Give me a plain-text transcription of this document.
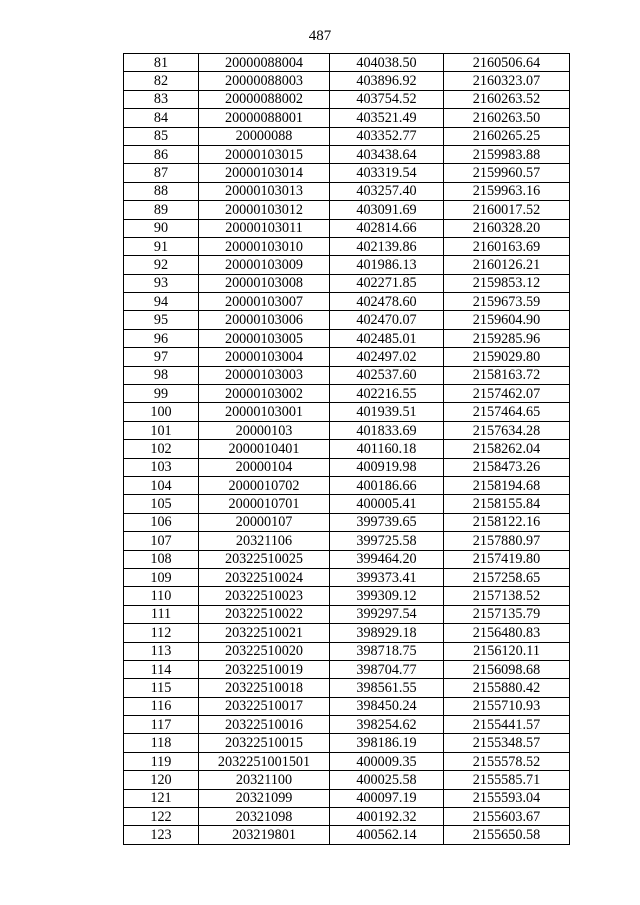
487
81	20000088004	404038.50	2160506.64
82	20000088003	403896.92	2160323.07
83	20000088002	403754.52	2160263.52
84	20000088001	403521.49	2160263.50
85	20000088	403352.77	2160265.25
86	20000103015	403438.64	2159983.88
87	20000103014	403319.54	2159960.57
88	20000103013	403257.40	2159963.16
89	20000103012	403091.69	2160017.52
90	20000103011	402814.66	2160328.20
91	20000103010	402139.86	2160163.69
92	20000103009	401986.13	2160126.21
93	20000103008	402271.85	2159853.12
94	20000103007	402478.60	2159673.59
95	20000103006	402470.07	2159604.90
96	20000103005	402485.01	2159285.96
97	20000103004	402497.02	2159029.80
98	20000103003	402537.60	2158163.72
99	20000103002	402216.55	2157462.07
100	20000103001	401939.51	2157464.65
101	20000103	401833.69	2157634.28
102	2000010401	401160.18	2158262.04
103	20000104	400919.98	2158473.26
104	2000010702	400186.66	2158194.68
105	2000010701	400005.41	2158155.84
106	20000107	399739.65	2158122.16
107	20321106	399725.58	2157880.97
108	20322510025	399464.20	2157419.80
109	20322510024	399373.41	2157258.65
110	20322510023	399309.12	2157138.52
111	20322510022	399297.54	2157135.79
112	20322510021	398929.18	2156480.83
113	20322510020	398718.75	2156120.11
114	20322510019	398704.77	2156098.68
115	20322510018	398561.55	2155880.42
116	20322510017	398450.24	2155710.93
117	20322510016	398254.62	2155441.57
118	20322510015	398186.19	2155348.57
119	2032251001501	400009.35	2155578.52
120	20321100	400025.58	2155585.71
121	20321099	400097.19	2155593.04
122	20321098	400192.32	2155603.67
123	203219801	400562.14	2155650.58
